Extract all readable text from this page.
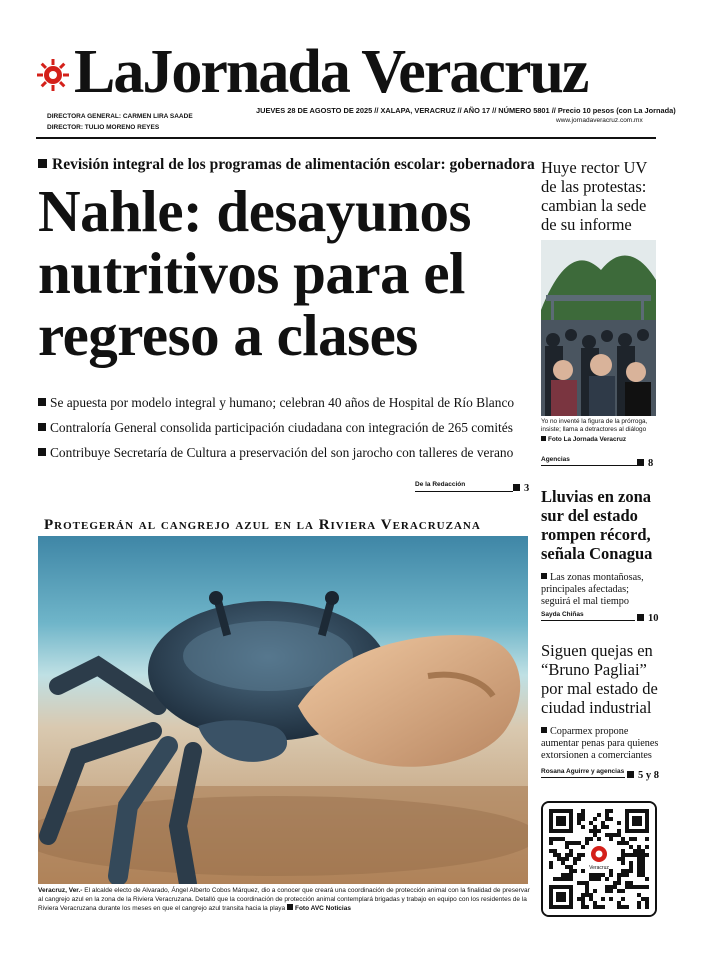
LaJornada Veracruz
DIRECTORA GENERAL: CARMEN LIRA SAADE
DIRECTOR: TULIO MORENO REYES
JUEVES 28 DE AGOSTO DE 2025 // XALAPA, VERACRUZ // AÑO 17 // NÚMERO 5801 // Precio 10 pesos (con La Jornada)
www.jornadaveracruz.com.mx
Revisión integral de los programas de alimentación escolar: gobernadora
Nahle: desayunos
nutritivos para el
regreso a clases
Se apuesta por modelo integral y humano; celebran 40 años de Hospital de Río Blanco
Contraloría General consolida participación ciudadana con integración de 265 comités
Contribuye Secretaría de Cultura a preservación del son jarocho con talleres de verano
De la Redacción	3
Protegerán al cangrejo azul en la Riviera Veracruzana
Veracruz, Ver.- El alcalde electo de Alvarado, Ángel Alberto Cobos Márquez, dio a conocer que creará una coordinación de protección animal con la finalidad de preservar al cangrejo azul en la zona de la Riviera Veracruzana. Detalló que la coordinación de protección animal contemplará brigadas y trabajo en equipo con los residentes de la Riviera Veracruzana durante los meses en que el cangrejo azul transita hacia la playa Foto AVC Noticias
Huye rector UV de las protestas: cambian la sede de su informe
Yo no inventé la figura de la prórroga, insiste; llama a detractores al diálogo
Foto La Jornada Veracruz
Agencias	8
Lluvias en zona sur del estado rompen récord, señala Conagua
Las zonas montañosas, principales afectadas; seguirá el mal tiempo
Sayda Chiñas	10
Siguen quejas en “Bruno Pagliai” por mal estado de ciudad industrial
Coparmex propone aumentar penas para quienes extorsionen a comerciantes
Rosana Aguirre y agencias	5 y 8
Veracruz
